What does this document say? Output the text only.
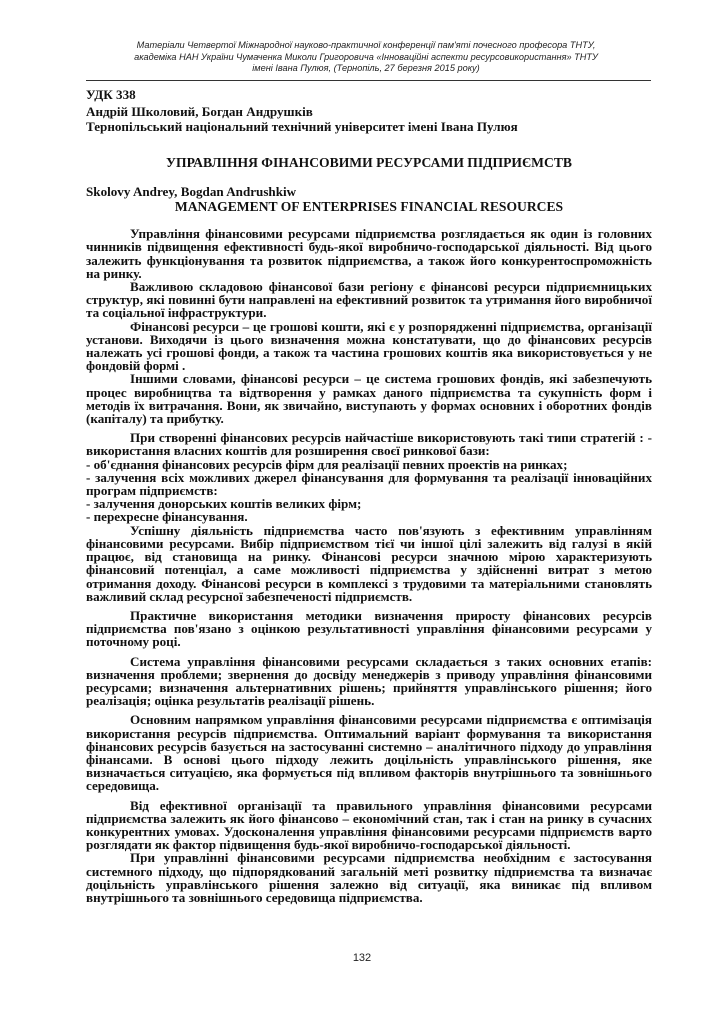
Матеріали Четвертої Міжнародної науково-практичної конференції пам'яті почесного професора ТНТУ,
академіка НАН України Чумаченка Миколи Григоровича «Інноваційні аспекти ресурсовикористання» ТНТУ
імені Івана Пулюя, (Тернопіль, 27 березня 2015 року)
УДК 338
Андрій Школовий, Богдан Андрушків
Тернопільський національний технічний університет імені Івана Пулюя
УПРАВЛІННЯ ФІНАНСОВИМИ РЕСУРСАМИ ПІДПРИЄМСТВ
Skolovy Andrey, Bogdan Andrushkiw
MANAGEMENT OF ENTERPRISES FINANCIAL RESOURCES

Управління фінансовими ресурсами підприємства розглядається як один із головних чинників підвищення ефективності будь-якої виробничо-господарської діяльності. Від цього залежить функціонування та розвиток підприємства, а також його конкурентоспроможність на ринку.

Важливою складовою фінансової бази регіону є фінансові ресурси підприємницьких структур, які повинні бути направлені на ефективний розвиток та утримання його виробничої та соціальної інфраструктури.

Фінансові ресурси – це грошові кошти, які є у розпорядженні підприємства, організації установи. Виходячи із цього визначення можна констатувати, що до фінансових ресурсів належать усі грошові фонди, а також та частина грошових коштів яка використовується у не фондовій формі .

Іншими словами, фінансові ресурси – це система грошових фондів, які забезпечують процес виробництва та відтворення у рамках даного підприємства та сукупність форм і методів їх витрачання. Вони, як звичайно, виступають у формах основних і оборотних фондів (капіталу) та прибутку.

При створенні фінансових ресурсів найчастіше використовують такі типи стратегій : - використання власних коштів для розширення своєї ринкової бази:

- об'єднання фінансових ресурсів фірм для реалізації певних проектів на ринках;

- залучення всіх можливих джерел фінансування для формування та реалізації інноваційних програм підприємств:

- залучення донорських коштів великих фірм;

- перехресне фінансування.

Успішну діяльність підприємства часто пов'язують з ефективним управлінням фінансовими ресурсами. Вибір підприємством тієї чи іншої цілі залежить від галузі в якій працює, від становища на ринку. Фінансові ресурси значною мірою характеризують фінансовий потенціал, а саме можливості підприємства у здійсненні витрат з метою отримання доходу. Фінансові ресурси в комплексі з трудовими та матеріальними становлять важливий склад ресурсної забезпеченості підприємств.

Практичне використання методики визначення приросту фінансових ресурсів підприємства пов'язано з оцінкою результативності управління фінансовими ресурсами у поточному році.

Система управління фінансовими ресурсами складається з таких основних етапів: визначення проблеми; звернення до досвіду менеджерів з приводу управління фінансовими ресурсами; визначення альтернативних рішень; прийняття управлінського рішення; його реалізація; оцінка результатів реалізації рішень.

Основним напрямком управління фінансовими ресурсами підприємства є оптимізація використання ресурсів підприємства. Оптимальний варіант формування та використання фінансових ресурсів базується на застосуванні системно – аналітичного підходу до управління фінансами. В основі цього підходу лежить доцільність управлінського рішення, яке визначається ситуацією, яка формується під впливом факторів внутрішнього та зовнішнього середовища.

Від ефективної організації та правильного управління фінансовими ресурсами підприємства залежить як його фінансово – економічний стан, так і стан на ринку в сучасних конкурентних умовах. Удосконалення управління фінансовими ресурсами підприємств варто розглядати як фактор підвищення будь-якої виробничо-господарської діяльності.

При управлінні фінансовими ресурсами підприємства необхідним є застосування системного підходу, що підпорядкований загальній меті розвитку підприємства та визначає доцільність управлінського рішення залежно від ситуації, яка виникає під впливом внутрішнього та зовнішнього середовища підприємства.

132
